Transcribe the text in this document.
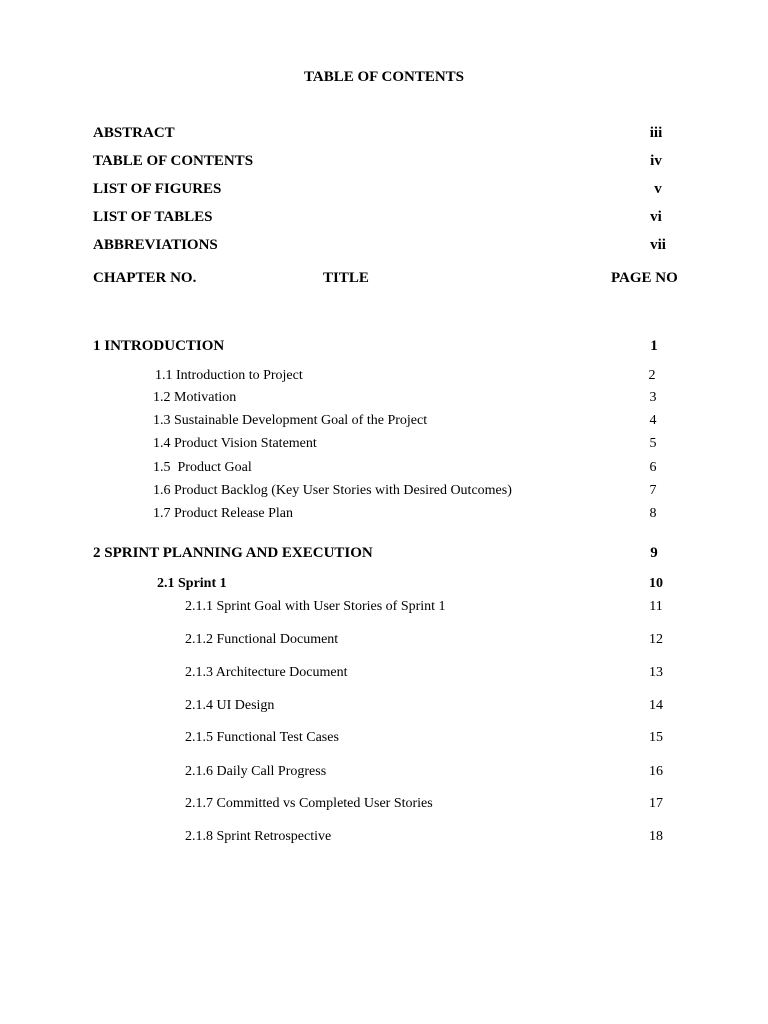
TABLE OF CONTENTS
ABSTRACT	iii
TABLE OF CONTENTS	iv
LIST OF FIGURES	v
LIST OF TABLES	vi
ABBREVIATIONS	vii
CHAPTER NO.	TITLE	PAGE NO
1 INTRODUCTION	1
1.1 Introduction to Project	2
1.2 Motivation	3
1.3 Sustainable Development Goal of the Project	4
1.4 Product Vision Statement	5
1.5  Product Goal	6
1.6 Product Backlog (Key User Stories with Desired Outcomes)	7
1.7 Product Release Plan	8
2 SPRINT PLANNING AND EXECUTION	9
2.1 Sprint 1	10
2.1.1 Sprint Goal with User Stories of Sprint 1	11
2.1.2 Functional Document	12
2.1.3 Architecture Document	13
2.1.4 UI Design	14
2.1.5 Functional Test Cases	15
2.1.6 Daily Call Progress	16
2.1.7 Committed vs Completed User Stories	17
2.1.8 Sprint Retrospective	18
